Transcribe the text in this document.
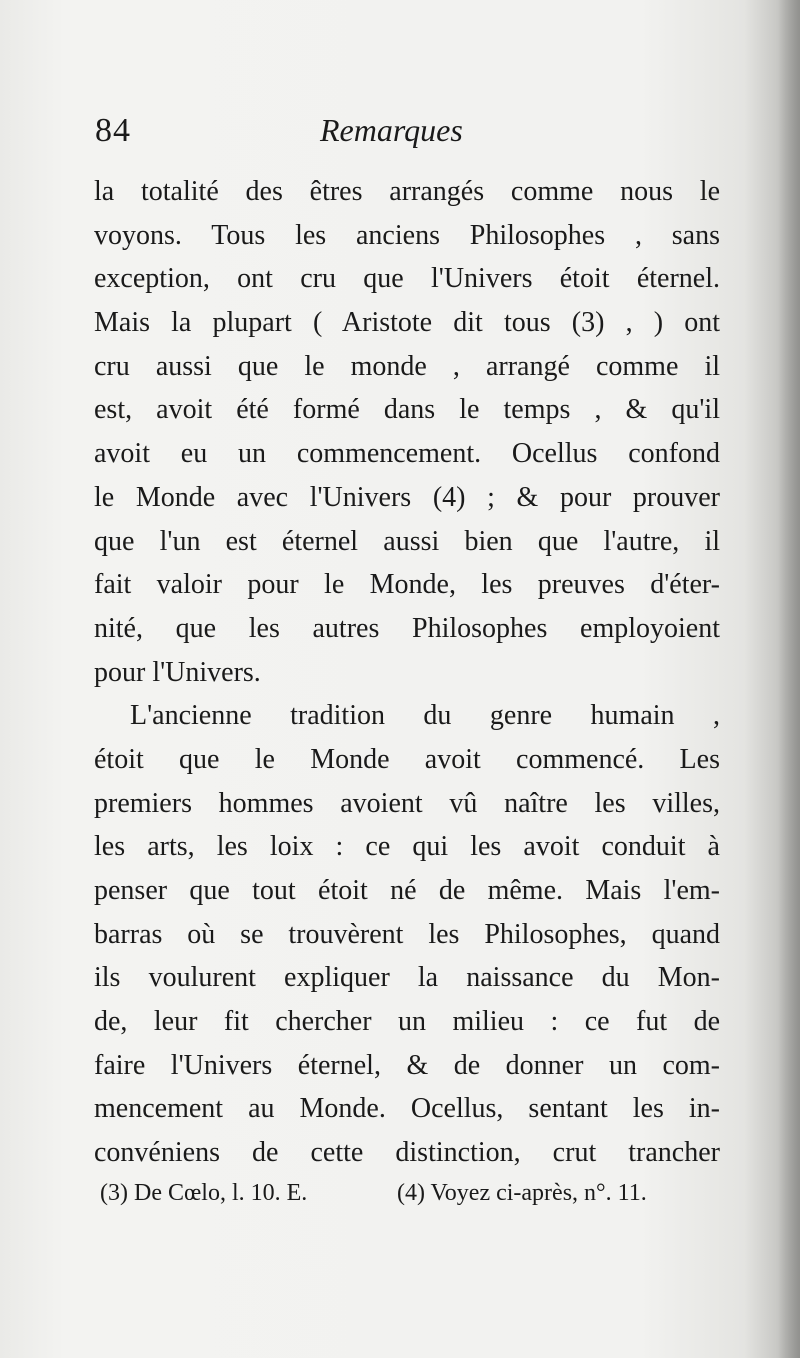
84	Remarques
la totalité des êtres arrangés comme nous le
voyons. Tous les anciens Philosophes , sans
exception, ont cru que l'Univers étoit éternel.
Mais la plupart ( Aristote dit tous (3) , ) ont
cru aussi que le monde , arrangé comme il
est, avoit été formé dans le temps , & qu'il
avoit eu un commencement. Ocellus confond
le Monde avec l'Univers (4) ; & pour prouver
que l'un est éternel aussi bien que l'autre, il
fait valoir pour le Monde, les preuves d'éter-
nité, que les autres Philosophes employoient
pour l'Univers.
L'ancienne tradition du genre humain ,
étoit que le Monde avoit commencé. Les
premiers hommes avoient vû naître les villes,
les arts, les loix : ce qui les avoit conduit à
penser que tout étoit né de même. Mais l'em-
barras où se trouvèrent les Philosophes, quand
ils voulurent expliquer la naissance du Mon-
de, leur fit chercher un milieu : ce fut de
faire l'Univers éternel, & de donner un com-
mencement au Monde. Ocellus, sentant les in-
convéniens de cette distinction, crut trancher
(3) De Cœlo, l. 10. E.	(4) Voyez ci-après, n°. 11.
